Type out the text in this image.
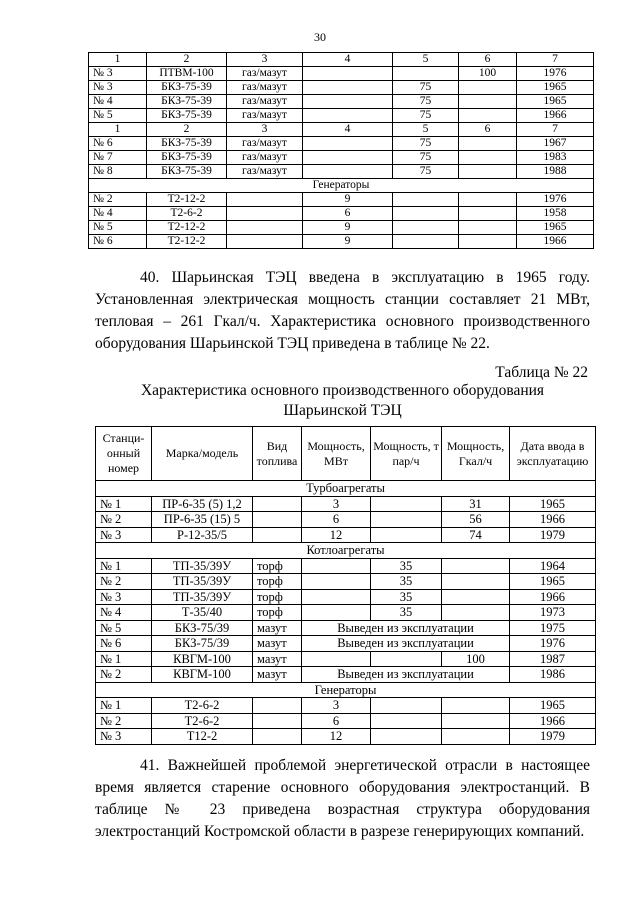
30
1	2	3	4	5	6	7
№ 3	ПТВМ-100	газ/мазут			100	1976
№ 3	БКЗ-75-39	газ/мазут		75		1965
№ 4	БКЗ-75-39	газ/мазут		75		1965
№ 5	БКЗ-75-39	газ/мазут		75		1966
1	2	3	4	5	6	7
№ 6	БКЗ-75-39	газ/мазут		75		1967
№ 7	БКЗ-75-39	газ/мазут		75		1983
№ 8	БКЗ-75-39	газ/мазут		75		1988
Генераторы						
№ 2	Т2-12-2		9			1976
№ 4	Т2-6-2		6			1958
№ 5	Т2-12-2		9			1965
№ 6	Т2-12-2		9			1966

40. Шарьинская ТЭЦ введена в эксплуатацию в 1965 году. Установленная электрическая мощность станции составляет 21 МВт, тепловая – 261 Гкал/ч. Характеристика основного производственного оборудования Шарьинской ТЭЦ приведена в таблице № 22.

Таблица № 22
Характеристика основного производственного оборудования
Шарьинской ТЭЦ
Станци-онный номер	Марка/модель	Вид топлива	Мощность, МВт	Мощность, т пар/ч	Мощность, Гкал/ч	Дата ввода в эксплуатацию
Турбоагрегаты						
№ 1	ПР-6-35 (5) 1,2		3		31	1965
№ 2	ПР-6-35 (15) 5		6		56	1966
№ 3	Р-12-35/5		12		74	1979
Котлоагрегаты						
№ 1	ТП-35/39У	торф		35		1964
№ 2	ТП-35/39У	торф		35		1965
№ 3	ТП-35/39У	торф		35		1966
№ 4	Т-35/40	торф		35		1973
№ 5	БКЗ-75/39	мазут	Выведен из эксплуатации			1975
№ 6	БКЗ-75/39	мазут	Выведен из эксплуатации			1976
№ 1	КВГМ-100	мазут			100	1987
№ 2	КВГМ-100	мазут	Выведен из эксплуатации			1986
Генераторы						
№ 1	Т2-6-2		3			1965
№ 2	Т2-6-2		6			1966
№ 3	Т12-2		12			1979

41. Важнейшей проблемой энергетической отрасли в настоящее время является старение основного оборудования электростанций. В таблице № 23 приведена возрастная структура оборудования электростанций Костромской области в разрезе генерирующих компаний.
